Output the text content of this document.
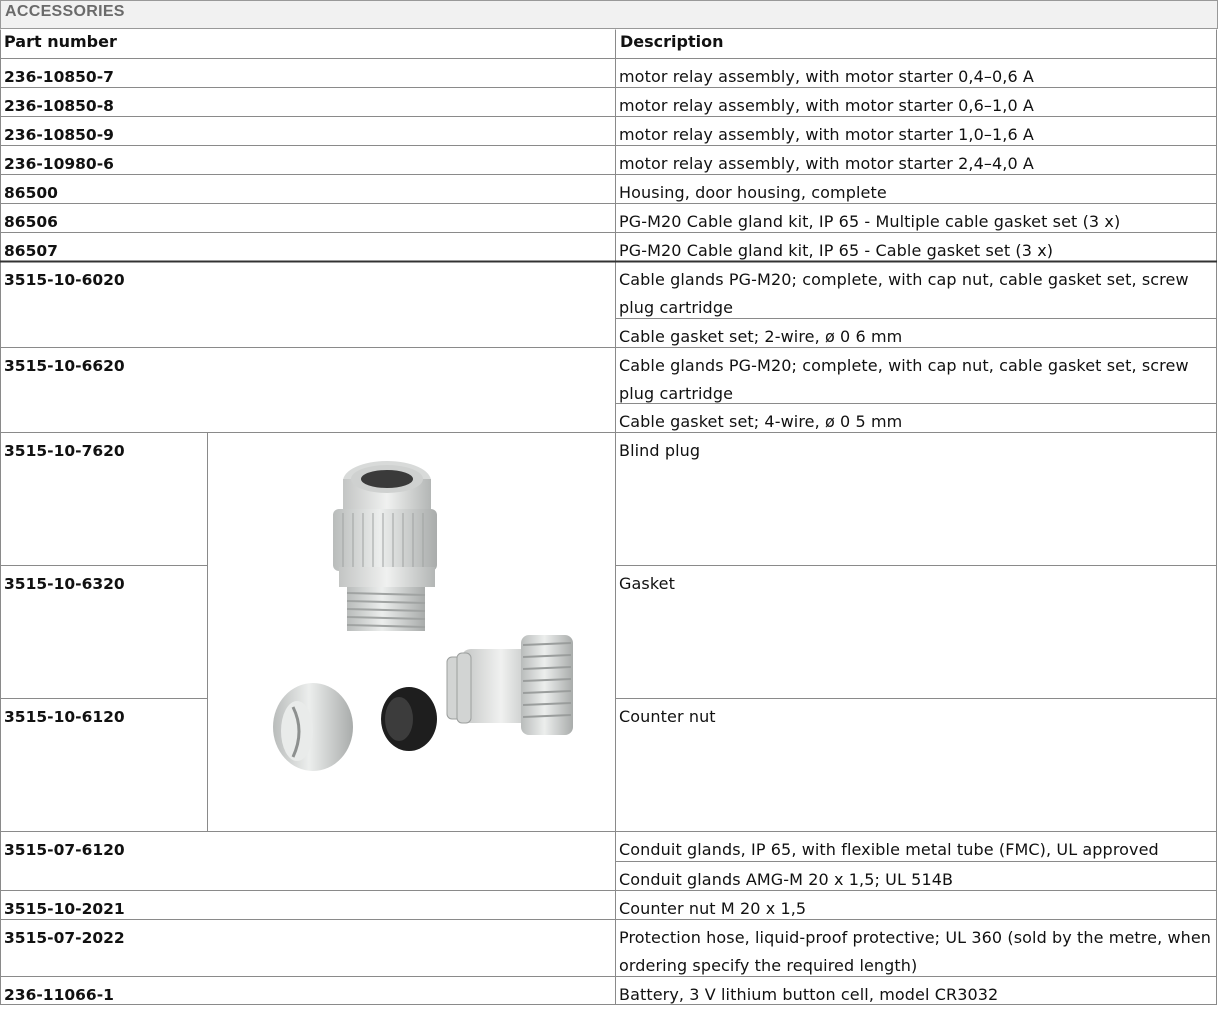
ACCESSORIES
Part number	Description
236-10850-7	motor relay assembly, with motor starter 0,4–0,6 A
236-10850-8	motor relay assembly, with motor starter 0,6–1,0 A
236-10850-9	motor relay assembly, with motor starter 1,0–1,6 A
236-10980-6	motor relay assembly, with motor starter 2,4–4,0 A
86500	Housing, door housing, complete
86506	PG-M20 Cable gland kit, IP 65 - Multiple cable gasket set (3 x)
86507	PG-M20 Cable gland kit, IP 65 - Cable gasket set (3 x)
3515-10-6020	Cable glands PG-M20; complete, with cap nut, cable gasket set, screw plug cartridge
Cable gasket set; 2-wire, ø 0 6 mm
3515-10-6620	Cable glands PG-M20; complete, with cap nut, cable gasket set, screw plug cartridge
Cable gasket set; 4-wire, ø 0 5 mm
3515-10-7620	Blind plug
3515-10-6320	Gasket
3515-10-6120	Counter nut
3515-07-6120	Conduit glands, IP 65, with flexible metal tube (FMC), UL approved
Conduit glands AMG-M 20 x 1,5; UL 514B
3515-10-2021	Counter nut M 20 x 1,5
3515-07-2022	Protection hose, liquid-proof protective; UL 360 (sold by the metre, when ordering specify the required length)
236-11066-1	Battery, 3 V lithium button cell, model CR3032
